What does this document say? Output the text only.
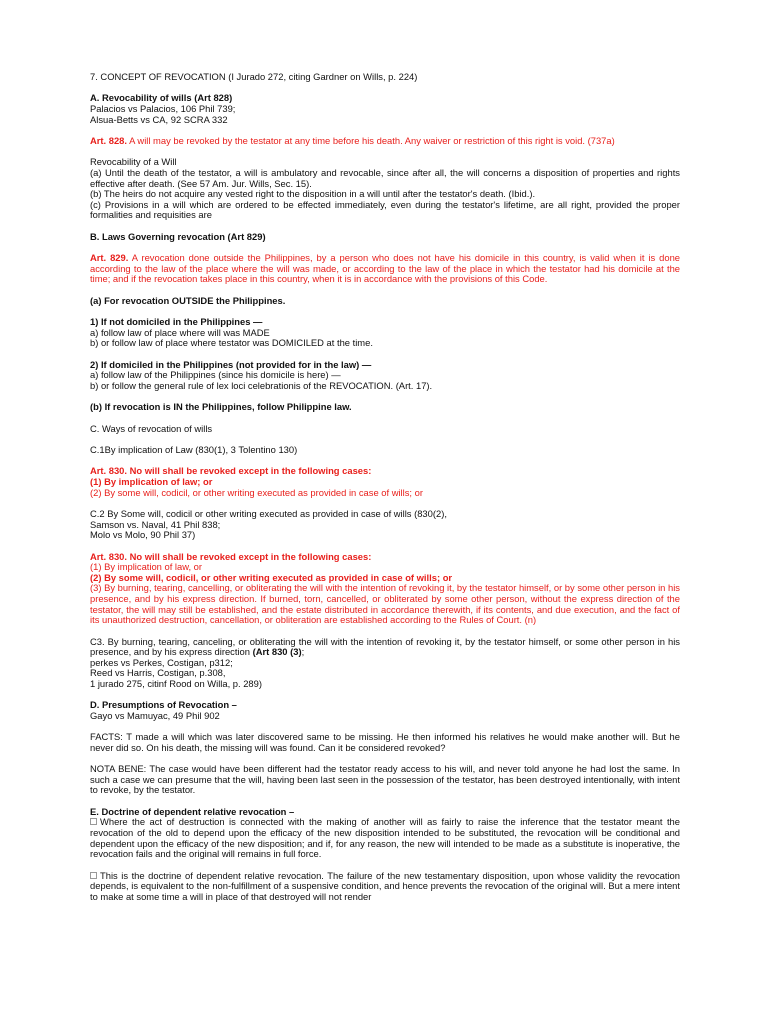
7. CONCEPT OF REVOCATION (I Jurado 272, citing Gardner on Wills, p. 224)

A. Revocability of wills (Art 828)

Palacios vs Palacios, 106 Phil 739;

Alsua-Betts vs CA, 92 SCRA 332

Art. 828. A will may be revoked by the testator at any time before his death. Any waiver or restriction of this right is void. (737a)

Revocability of a Will

(a) Until the death of the testator, a will is ambulatory and revocable, since after all, the will concerns a disposition of properties and rights effective after death. (See 57 Am. Jur. Wills, Sec. 15).

(b) The heirs do not acquire any vested right to the disposition in a will until after the testator's death. (Ibid.).

(c) Provisions in a will which are ordered to be effected immediately, even during the testator's lifetime, are all right, provided the proper formalities and requisities are

B. Laws Governing revocation (Art 829)

Art. 829. A revocation done outside the Philippines, by a person who does not have his domicile in this country, is valid when it is done according to the law of the place where the will was made, or according to the law of the place in which the testator had his domicile at the time; and if the revocation takes place in this country, when it is in accordance with the provisions of this Code.

(a) For revocation OUTSIDE the Philippines.

1) If not domiciled in the Philippines —

a) follow law of place where will was MADE

b) or follow law of place where testator was DOMICILED at the time.

2) If domiciled in the Philippines (not provided for in the law) —

a) follow law of the Philippines (since his domicile is here) —

b) or follow the general rule of lex loci celebrationis of the REVOCATION. (Art. 17).

(b) If revocation is IN the Philippines, follow Philippine law.

C. Ways of revocation of wills

C.1By implication of Law (830(1), 3 Tolentino 130)

Art. 830. No will shall be revoked except in the following cases:

(1) By implication of law; or

(2) By some will, codicil, or other writing executed as provided in case of wills; or

C.2 By Some will, codicil or other writing executed as provided in case of wills (830(2),

Samson vs. Naval, 41 Phil 838;

Molo vs Molo, 90 Phil 37)

Art. 830. No will shall be revoked except in the following cases:

(1) By implication of law, or

(2) By some will, codicil, or other writing executed as provided in case of wills; or

(3) By burning, tearing, cancelling, or obliterating the will with the intention of revoking it, by the testator himself, or by some other person in his presence, and by his express direction. If burned, torn, cancelled, or obliterated by some other person, without the express direction of the testator, the will may still be established, and the estate distributed in accordance therewith, if its contents, and due execution, and the fact of its unauthorized destruction, cancellation, or obliteration are established according to the Rules of Court. (n)

C3. By burning, tearing, canceling, or obliterating the will with the intention of revoking it, by the testator himself, or some other person in his presence, and by his express direction (Art 830 (3);

perkes vs Perkes, Costigan, p312;

Reed vs Harris, Costigan, p.308,

1 jurado 275, citinf Rood on Willa, p. 289)

D. Presumptions of Revocation –

Gayo vs Mamuyac, 49 Phil 902

FACTS: T made a will which was later discovered same to be missing. He then informed his relatives he would make another will. But he never did so. On his death, the missing will was found. Can it be considered revoked?

NOTA BENE: The case would have been different had the testator ready access to his will, and never told anyone he had lost the same. In such a case we can presume that the will, having been last seen in the possession of the testator, has been destroyed intentionally, with intent to revoke, by the testator.

E. Doctrine of dependent relative revocation –

Where the act of destruction is connected with the making of another will as fairly to raise the inference that the testator meant the revocation of the old to depend upon the efficacy of the new disposition intended to be substituted, the revocation will be conditional and dependent upon the efficacy of the new disposition; and if, for any reason, the new will intended to be made as a substitute is inoperative, the revocation fails and the original will remains in full force.

This is the doctrine of dependent relative revocation. The failure of the new testamentary disposition, upon whose validity the revocation depends, is equivalent to the non-fulfillment of a suspensive condition, and hence prevents the revocation of the original will. But a mere intent to make at some time a will in place of that destroyed will not render
